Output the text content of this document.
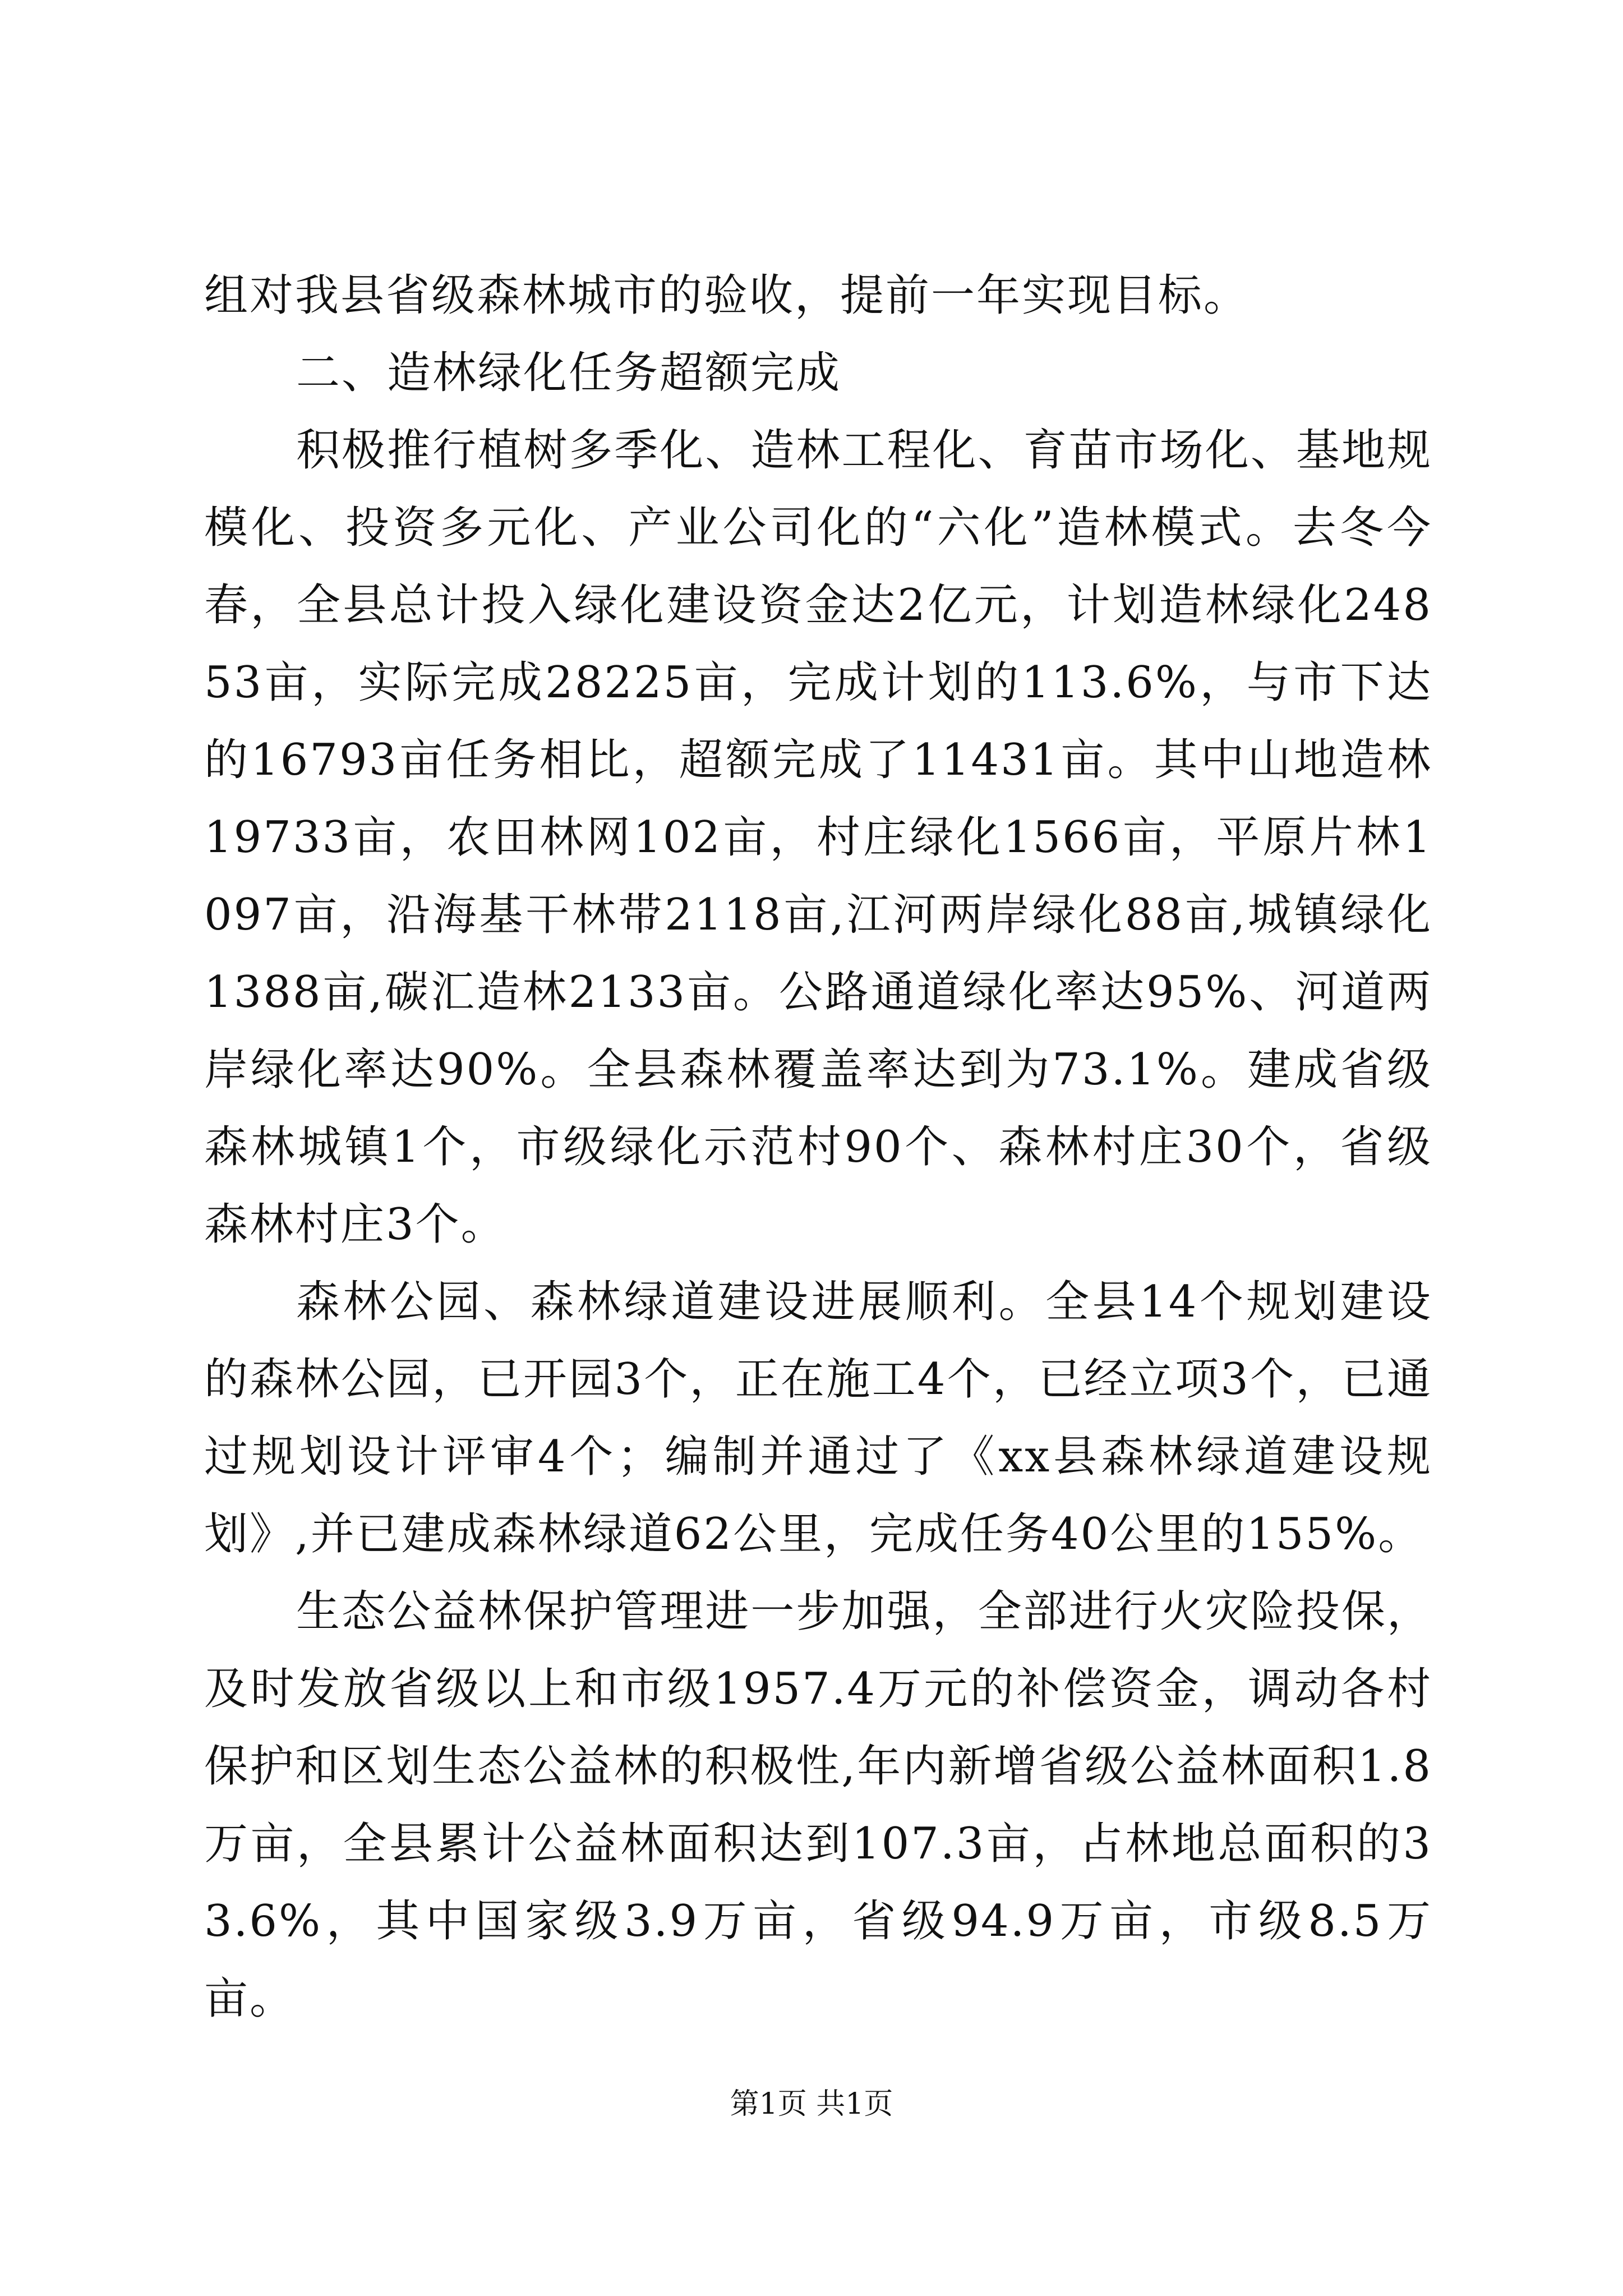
组对我县省级森林城市的验收，提前一年实现目标。

二、造林绿化任务超额完成

积极推行植树多季化、造林工程化、育苗市场化、基地规模化、投资多元化、产业公司化的“六化”造林模式。去冬今春，全县总计投入绿化建设资金达2亿元，计划造林绿化24853亩，实际完成28225亩，完成计划的113.6%，与市下达的16793亩任务相比，超额完成了11431亩。其中山地造林19733亩，农田林网102亩，村庄绿化1566亩，平原片林1097亩，沿海基干林带2118亩,江河两岸绿化88亩,城镇绿化1388亩,碳汇造林2133亩。公路通道绿化率达95%、河道两岸绿化率达90%。全县森林覆盖率达到为73.1%。建成省级森林城镇1个，市级绿化示范村90个、森林村庄30个，省级森林村庄3个。

森林公园、森林绿道建设进展顺利。全县14个规划建设的森林公园，已开园3个，正在施工4个，已经立项3个，已通过规划设计评审4个；编制并通过了《xx县森林绿道建设规划》,并已建成森林绿道62公里，完成任务40公里的155%。

生态公益林保护管理进一步加强，全部进行火灾险投保，及时发放省级以上和市级1957.4万元的补偿资金，调动各村保护和区划生态公益林的积极性,年内新增省级公益林面积1.8万亩，全县累计公益林面积达到107.3亩，占林地总面积的33.6%，其中国家级3.9万亩，省级94.9万亩，市级8.5万亩。

第1页 共1页
